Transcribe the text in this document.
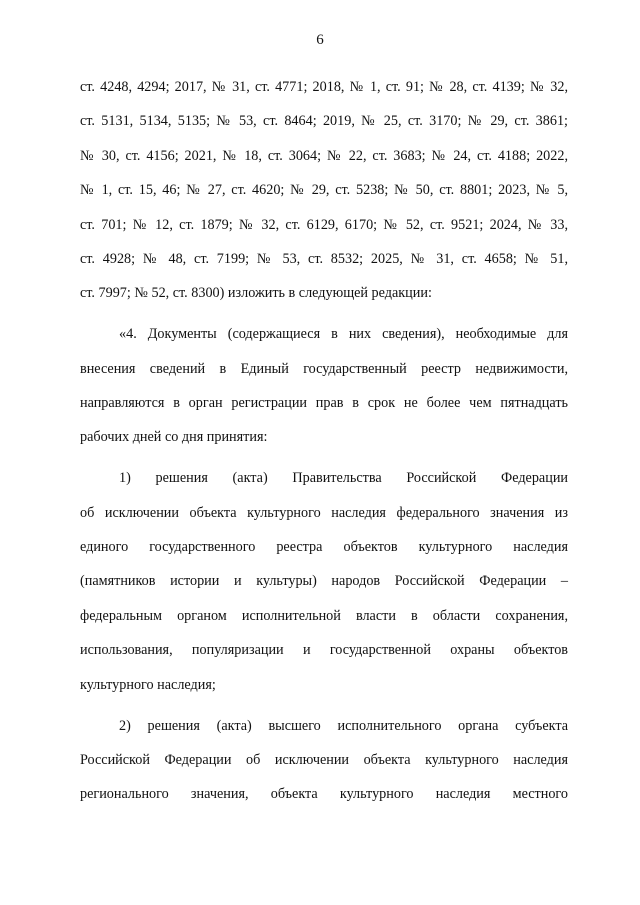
6
ст. 4248, 4294; 2017, № 31, ст. 4771; 2018, № 1, ст. 91; № 28, ст. 4139; № 32,
ст. 5131, 5134, 5135; № 53, ст. 8464; 2019, № 25, ст. 3170; № 29, ст. 3861;
№ 30, ст. 4156; 2021, № 18, ст. 3064; № 22, ст. 3683; № 24, ст. 4188; 2022,
№ 1, ст. 15, 46; № 27, ст. 4620; № 29, ст. 5238; № 50, ст. 8801; 2023, № 5,
ст. 701; № 12, ст. 1879; № 32, ст. 6129, 6170; № 52, ст. 9521; 2024, № 33,
ст. 4928; № 48, ст. 7199; № 53, ст. 8532; 2025, № 31, ст. 4658; № 51,
ст. 7997; № 52, ст. 8300) изложить в следующей редакции:
«4. Документы (содержащиеся в них сведения), необходимые для
внесения сведений в Единый государственный реестр недвижимости,
направляются в орган регистрации прав в срок не более чем пятнадцать
рабочих дней со дня принятия:
1) решения (акта) Правительства Российской Федерации
об исключении объекта культурного наследия федерального значения из
единого государственного реестра объектов культурного наследия
(памятников истории и культуры) народов Российской Федерации –
федеральным органом исполнительной власти в области сохранения,
использования, популяризации и государственной охраны объектов
культурного наследия;
2) решения (акта) высшего исполнительного органа субъекта
Российской Федерации об исключении объекта культурного наследия
регионального значения, объекта культурного наследия местного
